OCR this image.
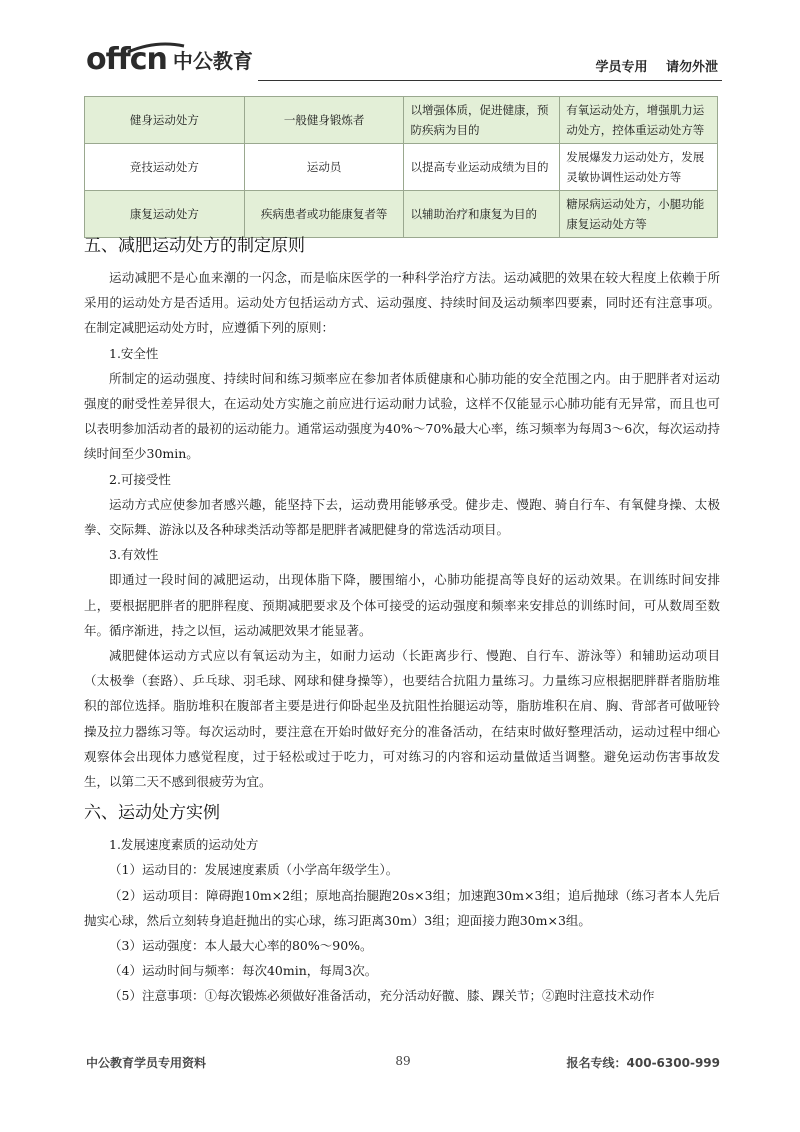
offcn 中公教育	学员专用 请勿外泄
健身运动处方	一般健身锻炼者	以增强体质，促进健康，预防疾病为目的	有氧运动处方，增强肌力运动处方，控体重运动处方等
竞技运动处方	运动员	以提高专业运动成绩为目的	发展爆发力运动处方，发展灵敏协调性运动处方等
康复运动处方	疾病患者或功能康复者等	以辅助治疗和康复为目的	糖尿病运动处方，小腿功能康复运动处方等
五、减肥运动处方的制定原则

运动减肥不是心血来潮的一闪念，而是临床医学的一种科学治疗方法。运动减肥的效果在较大程度上依赖于所采用的运动处方是否适用。运动处方包括运动方式、运动强度、持续时间及运动频率四要素，同时还有注意事项。在制定减肥运动处方时，应遵循下列的原则：

1.安全性

所制定的运动强度、持续时间和练习频率应在参加者体质健康和心肺功能的安全范围之内。由于肥胖者对运动强度的耐受性差异很大，在运动处方实施之前应进行运动耐力试验，这样不仅能显示心肺功能有无异常，而且也可以表明参加活动者的最初的运动能力。通常运动强度为40%～70%最大心率，练习频率为每周3～6次，每次运动持续时间至少30min。

2.可接受性

运动方式应使参加者感兴趣，能坚持下去，运动费用能够承受。健步走、慢跑、骑自行车、有氧健身操、太极拳、交际舞、游泳以及各种球类活动等都是肥胖者减肥健身的常选活动项目。

3.有效性

即通过一段时间的减肥运动，出现体脂下降，腰围缩小，心肺功能提高等良好的运动效果。在训练时间安排上，要根据肥胖者的肥胖程度、预期减肥要求及个体可接受的运动强度和频率来安排总的训练时间，可从数周至数年。循序渐进，持之以恒，运动减肥效果才能显著。

减肥健体运动方式应以有氧运动为主，如耐力运动（长距离步行、慢跑、自行车、游泳等）和辅助运动项目（太极拳（套路）、乒乓球、羽毛球、网球和健身操等），也要结合抗阻力量练习。力量练习应根据肥胖群者脂肪堆积的部位选择。脂肪堆积在腹部者主要是进行仰卧起坐及抗阻性抬腿运动等，脂肪堆积在肩、胸、背部者可做哑铃操及拉力器练习等。每次运动时，要注意在开始时做好充分的准备活动，在结束时做好整理活动，运动过程中细心观察体会出现体力感觉程度，过于轻松或过于吃力，可对练习的内容和运动量做适当调整。避免运动伤害事故发生，以第二天不感到很疲劳为宜。

六、运动处方实例

1.发展速度素质的运动处方

（1）运动目的：发展速度素质（小学高年级学生）。

（2）运动项目：障碍跑10m×2组；原地高抬腿跑20s×3组；加速跑30m×3组；追后抛球（练习者本人先后抛实心球，然后立刻转身追赶抛出的实心球，练习距离30m）3组；迎面接力跑30m×3组。

（3）运动强度：本人最大心率的80%～90%。

（4）运动时间与频率：每次40min，每周3次。

（5）注意事项：①每次锻炼必须做好准备活动，充分活动好髋、膝、踝关节；②跑时注意技术动作

中公教育学员专用资料	89	报名专线：400-6300-999
